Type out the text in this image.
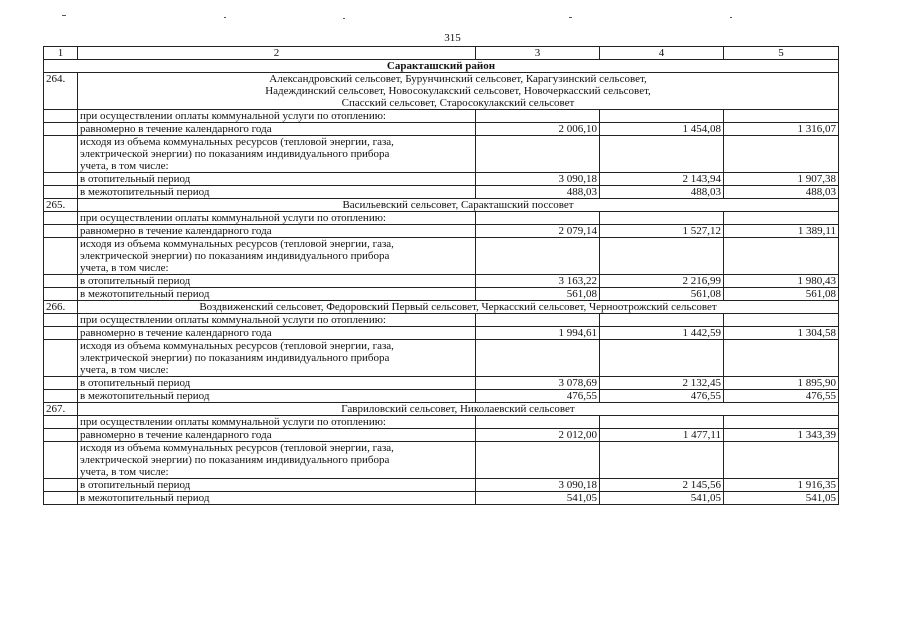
315
1	2	3	4	5
Саракташский район				
264.	Александровский сельсовет, Бурунчинский сельсовет, Карагузинский сельсовет,
Надеждинский сельсовет, Новосокулакский сельсовет, Новочеркасский сельсовет,
Спасский сельсовет, Старосокулакский сельсовет			

	при осуществлении оплаты коммунальной услуги по отоплению:			
	равномерно в течение календарного года	2 006,10	1 454,08	1 316,07

	исходя из объема коммунальных ресурсов (тепловой энергии, газа,
электрической энергии) по показаниям индивидуального прибора
учета, в том числе:			

	в отопительный период	3 090,18	2 143,94	1 907,38
	в межотопительный период	488,03	488,03	488,03
265.	Васильевский сельсовет, Саракташский поссовет			

	при осуществлении оплаты коммунальной услуги по отоплению:			
	равномерно в течение календарного года	2 079,14	1 527,12	1 389,11

	исходя из объема коммунальных ресурсов (тепловой энергии, газа,
электрической энергии) по показаниям индивидуального прибора
учета, в том числе:			

	в отопительный период	3 163,22	2 216,99	1 980,43
	в межотопительный период	561,08	561,08	561,08
266.	Воздвиженский сельсовет, Федоровский Первый сельсовет, Черкасский сельсовет, Черноотрожский сельсовет			

	при осуществлении оплаты коммунальной услуги по отоплению:			
	равномерно в течение календарного года	1 994,61	1 442,59	1 304,58

	исходя из объема коммунальных ресурсов (тепловой энергии, газа,
электрической энергии) по показаниям индивидуального прибора
учета, в том числе:			

	в отопительный период	3 078,69	2 132,45	1 895,90
	в межотопительный период	476,55	476,55	476,55
267.	Гавриловский сельсовет, Николаевский сельсовет			

	при осуществлении оплаты коммунальной услуги по отоплению:			
	равномерно в течение календарного года	2 012,00	1 477,11	1 343,39

	исходя из объема коммунальных ресурсов (тепловой энергии, газа,
электрической энергии) по показаниям индивидуального прибора
учета, в том числе:			

	в отопительный период	3 090,18	2 145,56	1 916,35
	в межотопительный период	541,05	541,05	541,05
